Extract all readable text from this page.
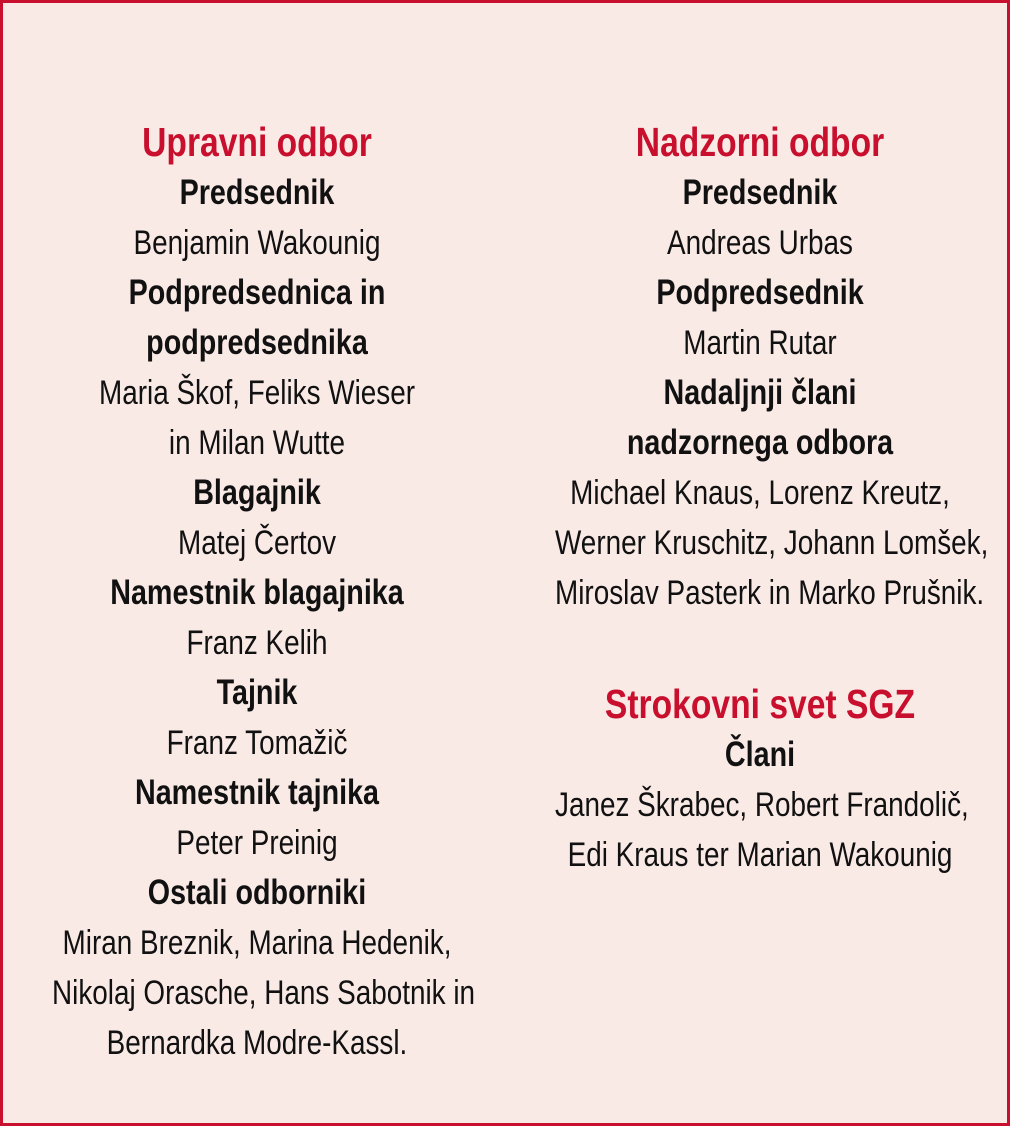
Upravni odbor
Predsednik
Benjamin Wakounig
Podpredsednica in
podpredsednika
Maria Škof, Feliks Wieser
in Milan Wutte
Blagajnik
Matej Čertov
Namestnik blagajnika
Franz Kelih
Tajnik
Franz Tomažič
Namestnik tajnika
Peter Preinig
Ostali odborniki
Miran Breznik, Marina Hedenik,
Nikolaj Orasche, Hans Sabotnik in
Bernardka Modre-Kassl.
Nadzorni odbor
Predsednik
Andreas Urbas
Podpredsednik
Martin Rutar
Nadaljnji člani
nadzornega odbora
Michael Knaus, Lorenz Kreutz,
Werner Kruschitz, Johann Lomšek,
Miroslav Pasterk in Marko Prušnik.
Strokovni svet SGZ
Člani
Janez Škrabec, Robert Frandolič,
Edi Kraus ter Marian Wakounig
